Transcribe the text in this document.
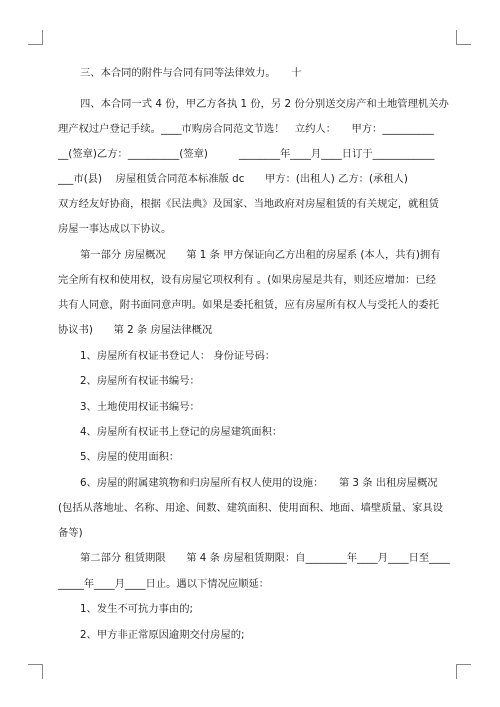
三、本合同的附件与合同有同等法律效力。　　十
四、本合同一式 4 份，甲乙方各执 1 份，另 2 份分别送交房产和土地管理机关办
理产权过户登记手续。____市购房合同范文节选！　立约人：　　甲方：__________
__(签章)乙方：__________(签章)　　　________年____月____日订于____________
___市(县)　 房屋租赁合同范本标准版 dc　　甲方：(出租人) 乙方：(承租人)
双方经友好协商，根据《民法典》及国家、当地政府对房屋租赁的有关规定，就租赁
房屋一事达成以下协议。
第一部分 房屋概况　　第 1 条 甲方保证向乙方出租的房屋系 (本人，共有)拥有
完全所有权和使用权，设有房屋它项权利有 。(如果房屋是共有，则还应增加：已经
共有人同意，附书面同意声明。如果是委托租赁，应有房屋所有权人与受托人的委托
协议书)　　第 2 条 房屋法律概况
1、房屋所有权证书登记人： 身份证号码：
2、房屋所有权证书编号：
3、土地使用权证书编号：
4、房屋所有权证书上登记的房屋建筑面积：
5、房屋的使用面积：
6、房屋的附属建筑物和归房屋所有权人使用的设施：　　第 3 条 出租房屋概况
(包括从落地址、名称、用途、间数、建筑面积、使用面积、地面、墙壁质量、家具设
备等)
第二部分 租赁期限　　第 4 条 房屋租赁期限：自________年____月____日至____
_____年____月____日止。遇以下情况应顺延：
1、发生不可抗力事由的;
2、甲方非正常原因逾期交付房屋的;
